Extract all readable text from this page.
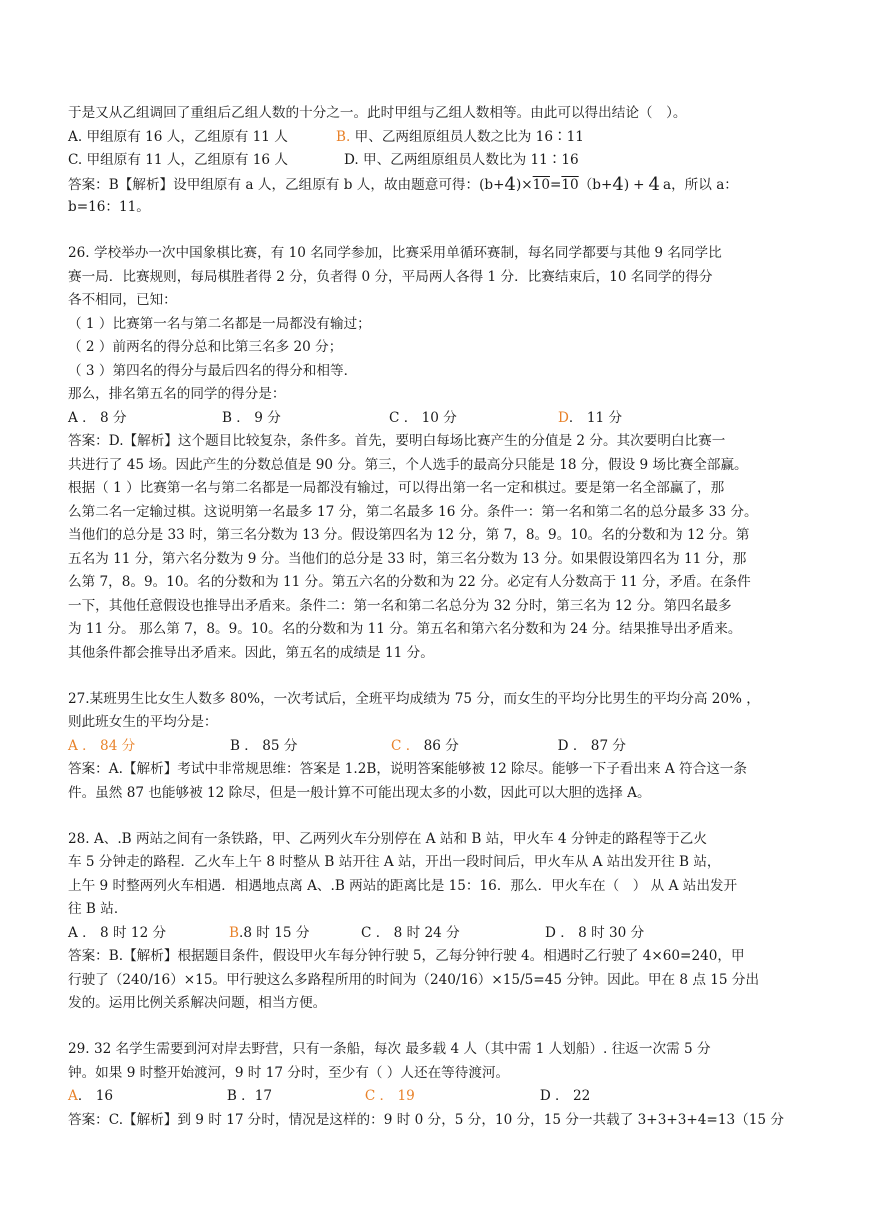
于是又从乙组调回了重组后乙组人数的十分之一。此时甲组与乙组人数相等。由此可以得出结论（　）。
A. 甲组原有 16 人，乙组原有 11 人	B. 甲、乙两组原组员人数之比为 16∶11
C. 甲组原有 11 人，乙组原有 16 人	D. 甲、乙两组原组员人数比为 11∶16
答案：B【解析】设甲组原有 a 人，乙组原有 b 人，故由题意可得：(b+4)×10=10（b+4) + 4 a，所以 a：
b=16：11。
26. 学校举办一次中国象棋比赛，有 10 名同学参加，比赛采用单循环赛制，每名同学都要与其他 9 名同学比
赛一局．比赛规则，每局棋胜者得 2 分，负者得 0 分，平局两人各得 1 分．比赛结束后，10 名同学的得分
各不相同，已知：
（ 1 ）比赛第一名与第二名都是一局都没有输过；
（ 2 ）前两名的得分总和比第三名多 20 分；
（ 3 ）第四名的得分与最后四名的得分和相等．
那么，排名第五名的同学的得分是：
A ． 8 分	B ． 9 分	C ． 10 分	D． 11 分
答案：D.【解析】这个题目比较复杂，条件多。首先，要明白每场比赛产生的分值是 2 分。其次要明白比赛一
共进行了 45 场。因此产生的分数总值是 90 分。第三，个人选手的最高分只能是 18 分，假设 9 场比赛全部赢。
根据（ 1 ）比赛第一名与第二名都是一局都没有输过，可以得出第一名一定和棋过。要是第一名全部赢了，那
么第二名一定输过棋。这说明第一名最多 17 分，第二名最多 16 分。条件一：第一名和第二名的总分最多 33 分。
当他们的总分是 33 时，第三名分数为 13 分。假设第四名为 12 分，第 7，8。9。10。名的分数和为 12 分。第
五名为 11 分，第六名分数为 9 分。当他们的总分是 33 时，第三名分数为 13 分。如果假设第四名为 11 分，那
么第 7，8。9。10。名的分数和为 11 分。第五六名的分数和为 22 分。必定有人分数高于 11 分，矛盾。在条件
一下，其他任意假设也推导出矛盾来。条件二：第一名和第二名总分为 32 分时，第三名为 12 分。第四名最多
为 11 分。 那么第 7，8。9。10。名的分数和为 11 分。第五名和第六名分数和为 24 分。结果推导出矛盾来。
其他条件都会推导出矛盾来。因此，第五名的成绩是 11 分。
27.某班男生比女生人数多 80%，一次考试后，全班平均成绩为 75 分，而女生的平均分比男生的平均分高 20% ，
则此班女生的平均分是：
A ． 84 分	B ． 85 分	C ． 86 分	D ． 87 分
答案：A.【解析】考试中非常规思维：答案是 1.2B，说明答案能够被 12 除尽。能够一下子看出来 A 符合这一条
件。虽然 87 也能够被 12 除尽，但是一般计算不可能出现太多的小数，因此可以大胆的选择 A。
28. A、.B 两站之间有一条铁路，甲、乙两列火车分别停在 A 站和 B 站，甲火车 4 分钟走的路程等于乙火
车 5 分钟走的路程．乙火车上午 8 时整从 B 站开往 A 站，开出一段时间后，甲火车从 A 站出发开往 B 站，
上午 9 时整两列火车相遇．相遇地点离 A、.B 两站的距离比是 15：16．那么．甲火车在（　） 从 A 站出发开
往 B 站．
A ． 8 时 12 分	B.8 时 15 分	C ． 8 时 24 分	D ． 8 时 30 分
答案：B.【解析】根据题目条件，假设甲火车每分钟行驶 5，乙每分钟行驶 4。相遇时乙行驶了 4×60=240，甲
行驶了（240/16）×15。甲行驶这么多路程所用的时间为（240/16）×15/5=45 分钟。因此。甲在 8 点 15 分出
发的。运用比例关系解决问题，相当方便。
29. 32 名学生需要到河对岸去野营，只有一条船，每次 最多载 4 人（其中需 1 人划船）. 往返一次需 5 分
钟。如果 9 时整开始渡河，9 时 17 分时，至少有（ ）人还在等待渡河。
A． 16	B ．17	C ． 19	D ． 22
答案：C.【解析】到 9 时 17 分时，情况是这样的：9 时 0 分，5 分，10 分，15 分一共载了 3+3+3+4=13（15 分
